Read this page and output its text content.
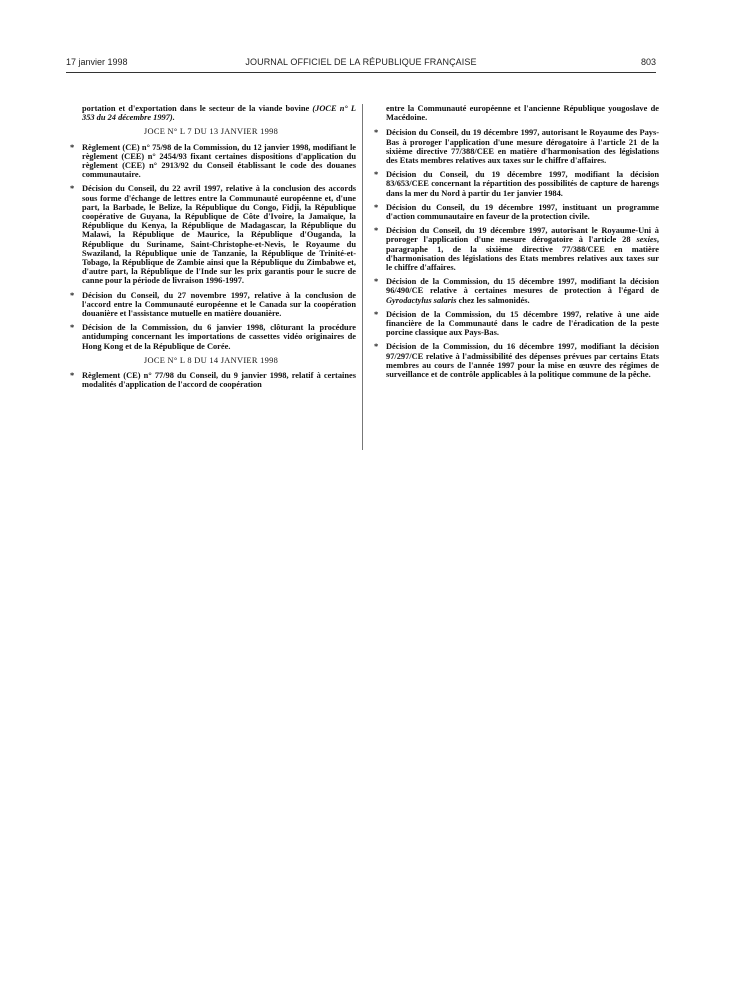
17 janvier 1998	JOURNAL OFFICIEL DE LA RÉPUBLIQUE FRANÇAISE	803

portation et d'exportation dans le secteur de la viande bovine (JOCE n° L 353 du 24 décembre 1997).

JOCE N° L 7 DU 13 JANVIER 1998
* Règlement (CE) n° 75/98 de la Commission, du 12 janvier 1998, modifiant le règlement (CEE) n° 2454/93 fixant certaines dispositions d'application du règlement (CEE) n° 2913/92 du Conseil établissant le code des douanes communautaire.
* Décision du Conseil, du 22 avril 1997, relative à la conclusion des accords sous forme d'échange de lettres entre la Communauté européenne et, d'une part, la Barbade, le Belize, la République du Congo, Fidji, la République coopérative de Guyana, la République de Côte d'Ivoire, la Jamaïque, la République du Kenya, la République de Madagascar, la République du Malawi, la République de Maurice, la République d'Ouganda, la République du Suriname, Saint-Christophe-et-Nevis, le Royaume du Swaziland, la République unie de Tanzanie, la République de Trinité-et-Tobago, la République de Zambie ainsi que la République du Zimbabwe et, d'autre part, la République de l'Inde sur les prix garantis pour le sucre de canne pour la période de livraison 1996-1997.
* Décision du Conseil, du 27 novembre 1997, relative à la conclusion de l'accord entre la Communauté européenne et le Canada sur la coopération douanière et l'assistance mutuelle en matière douanière.
* Décision de la Commission, du 6 janvier 1998, clôturant la procédure antidumping concernant les importations de cassettes vidéo originaires de Hong Kong et de la République de Corée.
JOCE N° L 8 DU 14 JANVIER 1998
* Règlement (CE) n° 77/98 du Conseil, du 9 janvier 1998, relatif à certaines modalités d'application de l'accord de coopération

entre la Communauté européenne et l'ancienne République yougoslave de Macédoine.

* Décision du Conseil, du 19 décembre 1997, autorisant le Royaume des Pays-Bas à proroger l'application d'une mesure dérogatoire à l'article 21 de la sixième directive 77/388/CEE en matière d'harmonisation des législations des Etats membres relatives aux taxes sur le chiffre d'affaires.
* Décision du Conseil, du 19 décembre 1997, modifiant la décision 83/653/CEE concernant la répartition des possibilités de capture de harengs dans la mer du Nord à partir du 1er janvier 1984.
* Décision du Conseil, du 19 décembre 1997, instituant un programme d'action communautaire en faveur de la protection civile.
* Décision du Conseil, du 19 décembre 1997, autorisant le Royaume-Uni à proroger l'application d'une mesure dérogatoire à l'article 28 sexies, paragraphe 1, de la sixième directive 77/388/CEE en matière d'harmonisation des législations des Etats membres relatives aux taxes sur le chiffre d'affaires.
* Décision de la Commission, du 15 décembre 1997, modifiant la décision 96/490/CE relative à certaines mesures de protection à l'égard de Gyrodactylus salaris chez les salmonidés.
* Décision de la Commission, du 15 décembre 1997, relative à une aide financière de la Communauté dans le cadre de l'éradication de la peste porcine classique aux Pays-Bas.
* Décision de la Commission, du 16 décembre 1997, modifiant la décision 97/297/CE relative à l'admissibilité des dépenses prévues par certains Etats membres au cours de l'année 1997 pour la mise en œuvre des régimes de surveillance et de contrôle applicables à la politique commune de la pêche.
